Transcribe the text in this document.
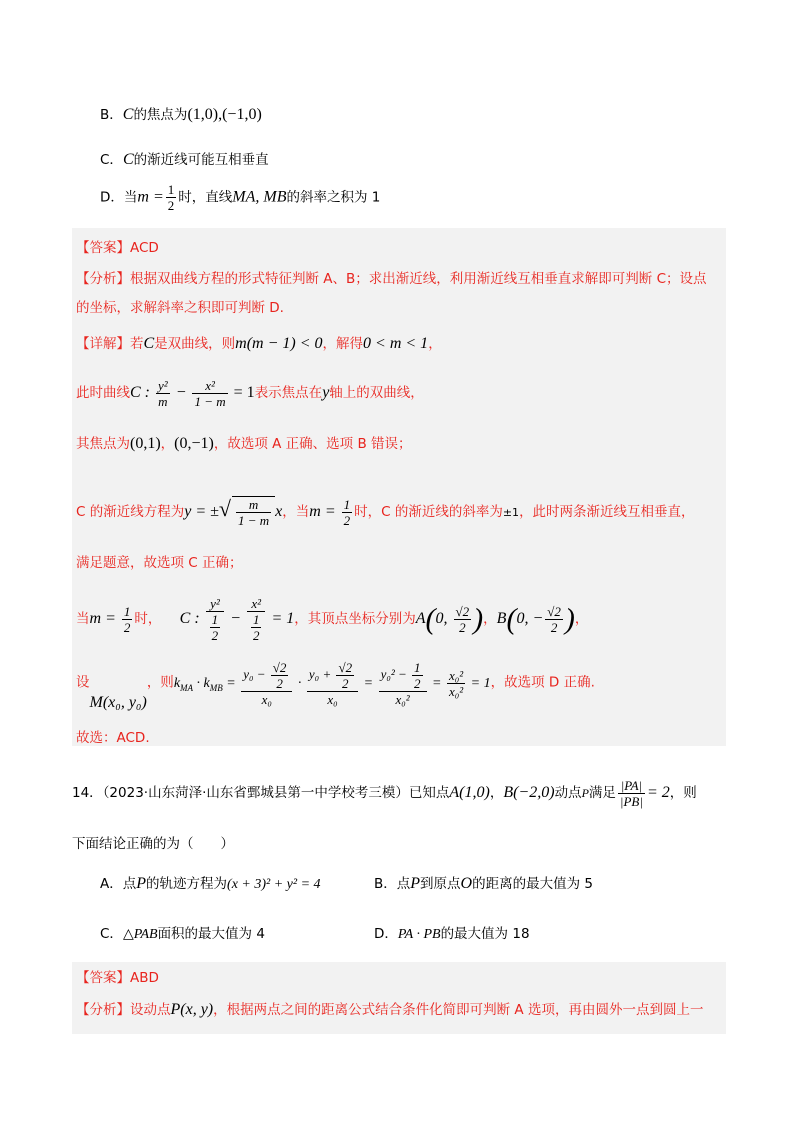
B．C的焦点为(1,0),(−1,0)
C．C的渐近线可能互相垂直
D．当$m = \frac{1}{2}$ 时，直线MA, MB的斜率之积为 1
【答案】ACD
【分析】根据双曲线方程的形式特征判断 A、B；求出渐近线，利用渐近线互相垂直求解即可判断 C；设点
的坐标，求解斜率之积即可判断 D.
【详解】若C是双曲线，则m(m − 1) < 0，解得0 < m < 1，
此时曲线C : $\frac{\text{y²}}{m} - \frac{\text{x²}}{1 - m} = 1$表示焦点在y轴上的双曲线，
其焦点为(0,1)，(0,−1)，故选项 A 正确、选项 B 错误；
C 的渐近线方程为y = ±√ $\frac{m}{1 - m}$ x，当$m = \frac{1}{2}$ 时，C 的渐近线的斜率为±1，此时两条渐近线互相垂直，
满足题意，故选项 C 正确；
当$m = \frac{1}{2}$ 时， C : $\frac{\text{y²}}{\frac{1}{2}} - \frac{\text{x²}}{\frac{1}{2}} = 1$，其顶点坐标分别为A(0, $\frac{√2}{2}$ )，B(0, − $\frac{√2}{2}$ )，
设M(x₀, y₀)，则$k_{MA} \cdot k_{MB} = \frac{y_0 - \frac{√2}{2}}{\text{x₀}} \cdot \frac{y_0 + \frac{√2}{2}}{\text{x₀}} = \frac{y_0^2 - \frac{1}{2}}{\text{x₀²}} = \frac{\text{x₀²}}{\text{x₀²}} = 1$，故选项 D 正确.
故选：ACD.
14．（2023·山东菏泽·山东省鄄城县第一中学校考三模）已知点A(1,0)，B(−2,0)动点P满足 $\frac{|PA|}{|PB|} = 2$，则
下面结论正确的为（　　）
A．点P的轨迹方程为(x + 3)² + y² = 4	B．点P到原点O的距离的最大值为 5
C．△PAB面积的最大值为 4	D．PA · PB的最大值为 18
【答案】ABD
【分析】设动点P(x, y)，根据两点之间的距离公式结合条件化简即可判断 A 选项，再由圆外一点到圆上一
